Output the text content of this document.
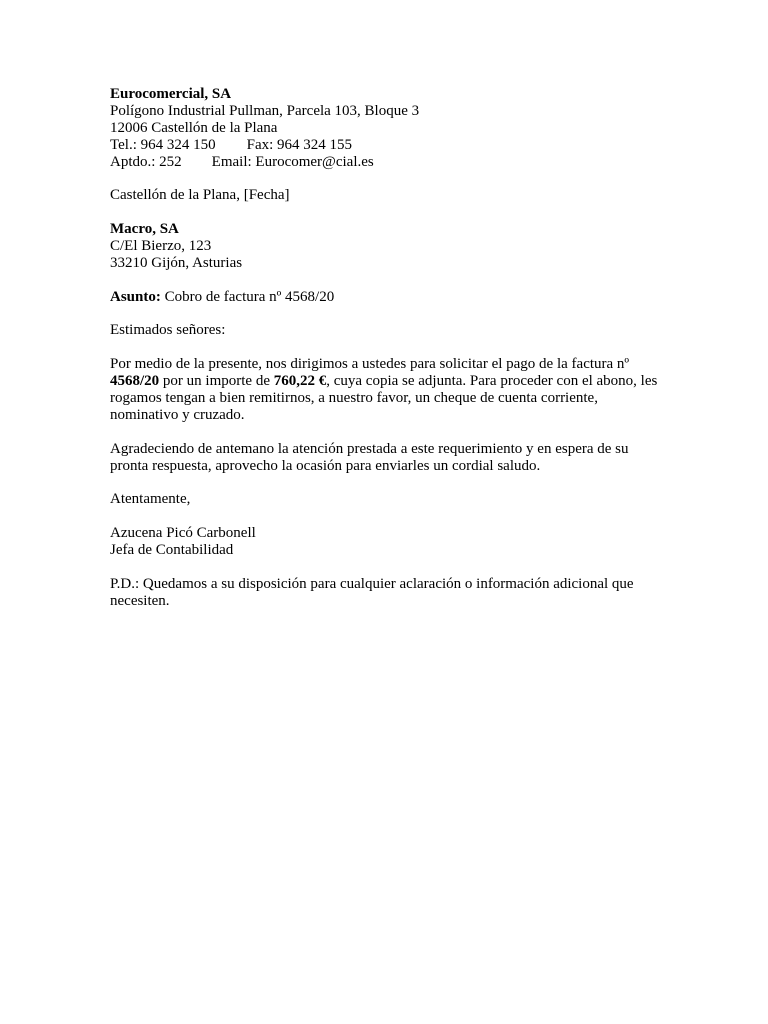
Eurocomercial, SA
Polígono Industrial Pullman, Parcela 103, Bloque 3
12006 Castellón de la Plana
Tel.: 964 324 150 Fax: 964 324 155
Aptdo.: 252 Email: Eurocomer@cial.es
Castellón de la Plana, [Fecha]
Macro, SA
C/El Bierzo, 123
33210 Gijón, Asturias
Asunto: Cobro de factura nº 4568/20
Estimados señores:

Por medio de la presente, nos dirigimos a ustedes para solicitar el pago de la factura nº 4568/20 por un importe de 760,22 €, cuya copia se adjunta. Para proceder con el abono, les rogamos tengan a bien remitirnos, a nuestro favor, un cheque de cuenta corriente, nominativo y cruzado.

Agradeciendo de antemano la atención prestada a este requerimiento y en espera de su pronta respuesta, aprovecho la ocasión para enviarles un cordial saludo.

Atentamente,
Azucena Picó Carbonell
Jefa de Contabilidad

P.D.: Quedamos a su disposición para cualquier aclaración o información adicional que necesiten.
